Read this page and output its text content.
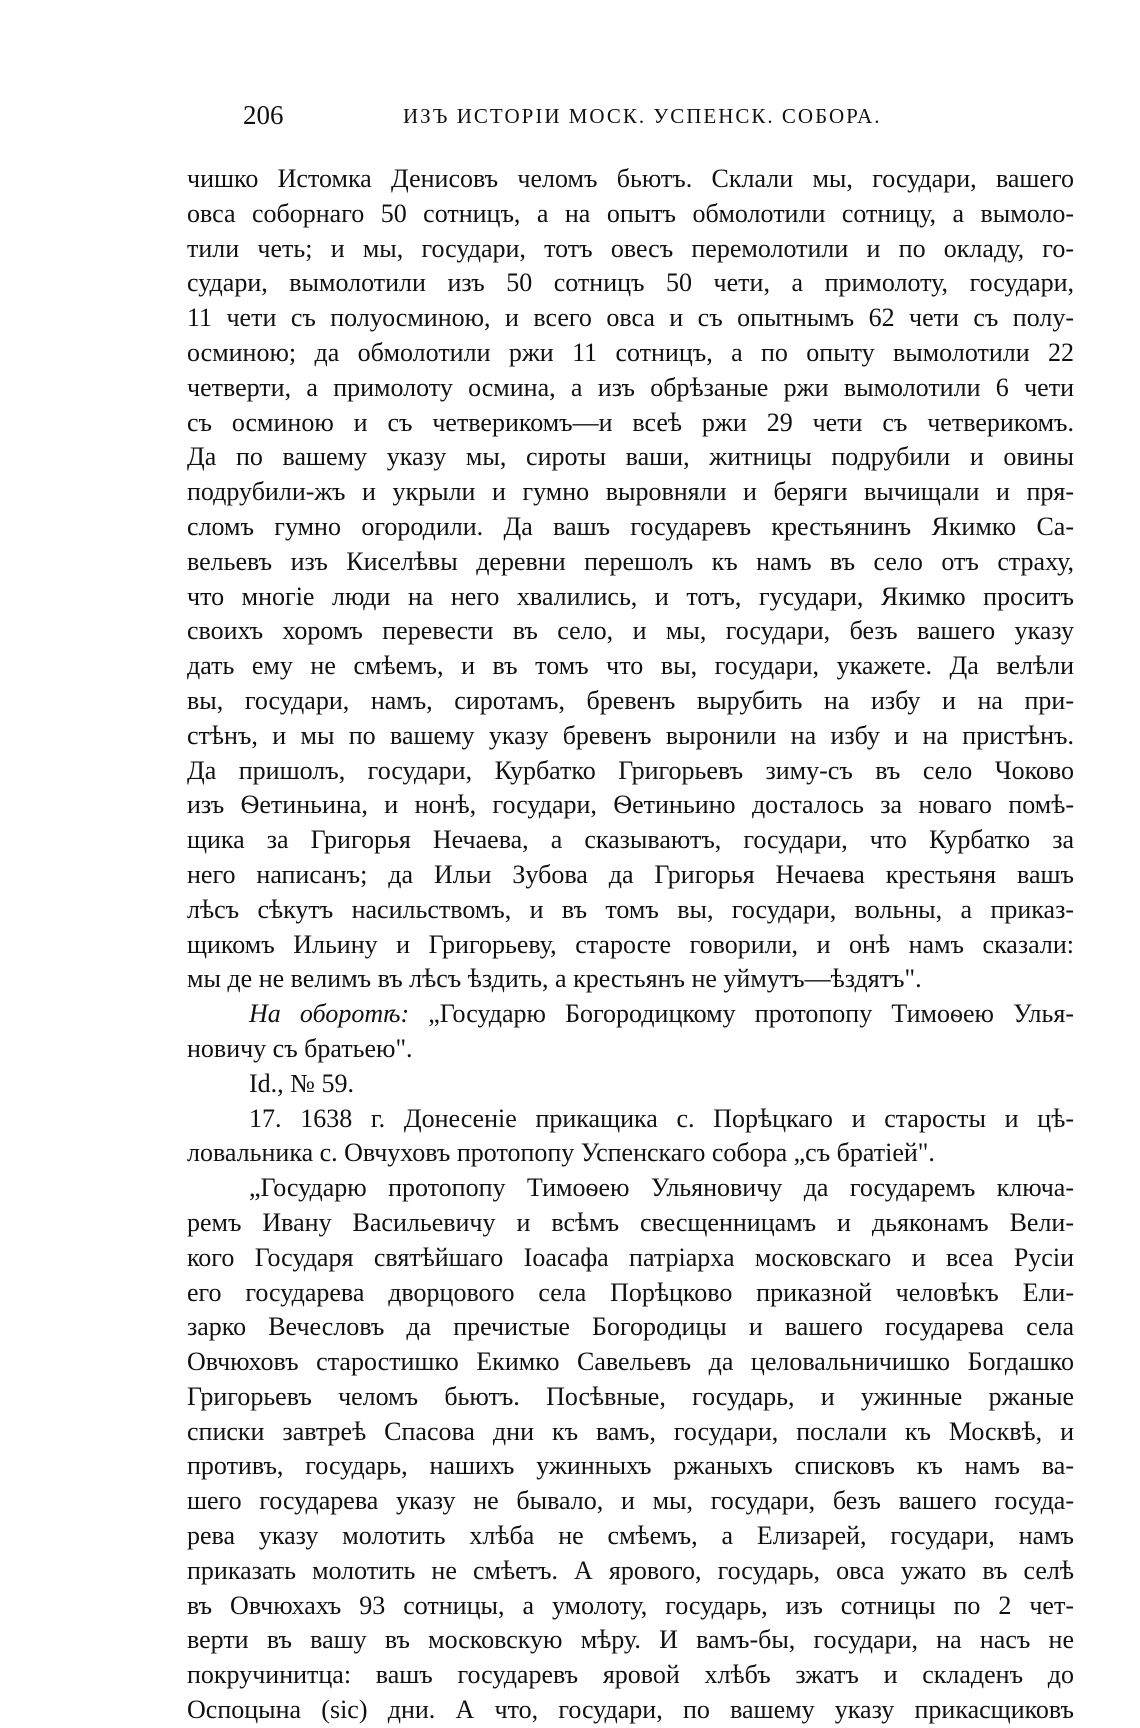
206	ИЗЪ ИСТОРІИ МОСК. УСПЕНСК. СОБОРА.
чишко Истомка Денисовъ челомъ бьютъ. Склали мы, государи, вашего
овса соборнаго 50 сотницъ, а на опытъ обмолотили сотницу, а вымоло-
тили четь; и мы, государи, тотъ овесъ перемолотили и по окладу, го-
судари, вымолотили изъ 50 сотницъ 50 чети, а примолоту, государи,
11 чети съ полуосминою, и всего овса и съ опытнымъ 62 чети съ полу-
осминою; да обмолотили ржи 11 сотницъ, а по опыту вымолотили 22
четверти, а примолоту осмина, а изъ обрѣзаные ржи вымолотили 6 чети
съ осминою и съ четверикомъ—и всеѣ ржи 29 чети съ четверикомъ.
Да по вашему указу мы, сироты ваши, житницы подрубили и овины
подрубили-жъ и укрыли и гумно выровняли и беряги вычищали и пря-
сломъ гумно огородили. Да вашъ государевъ крестьянинъ Якимко Са-
вельевъ изъ Киселѣвы деревни перешолъ къ намъ въ село отъ страху,
что многіе люди на него хвалились, и тотъ, гусудари, Якимко проситъ
своихъ хоромъ перевести въ село, и мы, государи, безъ вашего указу
дать ему не смѣемъ, и въ томъ что вы, государи, укажете. Да велѣли
вы, государи, намъ, сиротамъ, бревенъ вырубить на избу и на при-
стѣнъ, и мы по вашему указу бревенъ выронили на избу и на пристѣнъ.
Да пришолъ, государи, Курбатко Григорьевъ зиму-съ въ село Чоково
изъ Ѳетиньина, и нонѣ, государи, Ѳетиньино досталось за новаго помѣ-
щика за Григорья Нечаева, а сказываютъ, государи, что Курбатко за
него написанъ; да Ильи Зубова да Григорья Нечаева крестьяня вашъ
лѣсъ сѣкутъ насильствомъ, и въ томъ вы, государи, вольны, а приказ-
щикомъ Ильину и Григорьеву, старосте говорили, и онѣ намъ сказали:
мы де не велимъ въ лѣсъ ѣздить, а крестьянъ не уймутъ—ѣздятъ".
На оборотѣ: „Государю Богородицкому протопопу Тимоѳею Улья-
новичу съ братьею".
Id., № 59.
17. 1638 г. Донесеніе прикащика с. Порѣцкаго и старосты и цѣ-
ловальника с. Овчуховъ протопопу Успенскаго собора „съ братіей".
„Государю протопопу Тимоѳею Ульяновичу да государемъ ключа-
ремъ Ивану Васильевичу и всѣмъ свесщенницамъ и дьяконамъ Вели-
кого Государя святѣйшаго Іоасафа патріарха московскаго и всеа Русіи
его государева дворцового села Порѣцково приказной человѣкъ Ели-
зарко Вечесловъ да пречистые Богородицы и вашего государева села
Овчюховъ старостишко Екимко Савельевъ да целовальничишко Богдашко
Григорьевъ челомъ бьютъ. Посѣвные, государь, и ужинные ржаные
списки завтреѣ Спасова дни къ вамъ, государи, послали къ Москвѣ, и
противъ, государь, нашихъ ужинныхъ ржаныхъ списковъ къ намъ ва-
шего государева указу не бывало, и мы, государи, безъ вашего госуда-
рева указу молотить хлѣба не смѣемъ, а Елизарей, государи, намъ
приказать молотить не смѣетъ. А ярового, государь, овса ужато въ селѣ
въ Овчюхахъ 93 сотницы, а умолоту, государь, изъ сотницы по 2 чет-
верти въ вашу въ московскую мѣру. И вамъ-бы, государи, на насъ не
покручинитца: вашъ государевъ яровой хлѣбъ зжатъ и складенъ до
Оспоцына (sic) дни. А что, государи, по вашему указу прикасщиковъ
